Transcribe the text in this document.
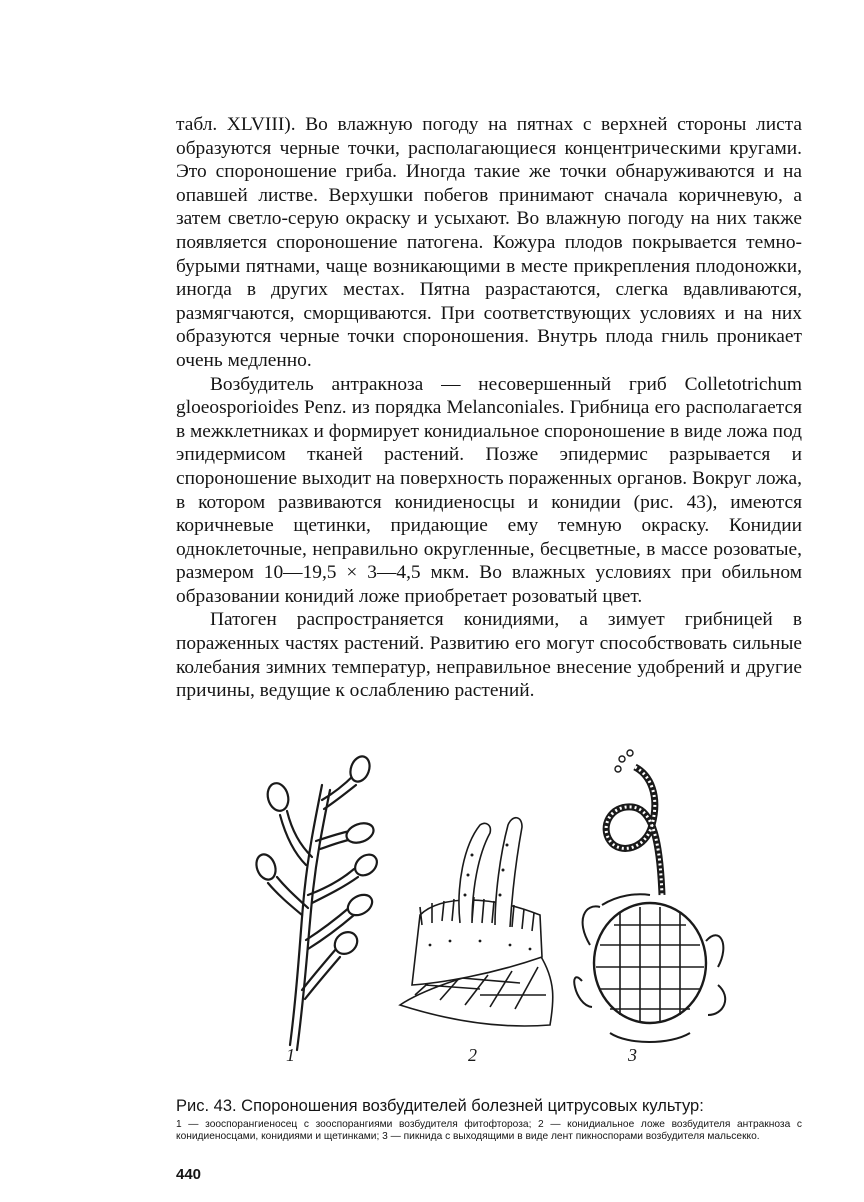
табл. XLVIII). Во влажную погоду на пятнах с верхней стороны листа образуются черные точки, располагающиеся концентрическими кругами. Это спороношение гриба. Иногда такие же точки обнаруживаются и на опавшей листве. Верхушки побегов принимают сначала коричневую, а затем светло-серую окраску и усыхают. Во влажную погоду на них также появляется спороношение патогена. Кожура плодов покрывается темно-бурыми пятнами, чаще возникающими в месте прикрепления плодоножки, иногда в других местах. Пятна разрастаются, слегка вдавливаются, размягчаются, сморщиваются. При соответствующих условиях и на них образуются черные точки спороношения. Внутрь плода гниль проникает очень медленно.

Возбудитель антракноза — несовершенный гриб Colletotrichum gloeosporioides Penz. из порядка Melanconiales. Грибница его располагается в межклетниках и формирует конидиальное спороношение в виде ложа под эпидермисом тканей растений. Позже эпидермис разрывается и спороношение выходит на поверхность пораженных органов. Вокруг ложа, в котором развиваются конидиеносцы и конидии (рис. 43), имеются коричневые щетинки, придающие ему темную окраску. Конидии одноклеточные, неправильно округленные, бесцветные, в массе розоватые, размером 10—19,5 × 3—4,5 мкм. Во влажных условиях при обильном образовании конидий ложе приобретает розоватый цвет.

Патоген распространяется конидиями, а зимует грибницей в пораженных частях растений. Развитию его могут способствовать сильные колебания зимних температур, неправильное внесение удобрений и другие причины, ведущие к ослаблению растений.

1	2	3

Рис. 43. Спороношения возбудителей болезней цитрусовых культур:

1 — зооспорангиеносец с зооспорангиями возбудителя фитофтороза; 2 — конидиальное ложе возбудителя антракноза с конидиеносцами, конидиями и щетинками; 3 — пикнида с выходящими в виде лент пикноспорами возбудителя мальсекко.

440
